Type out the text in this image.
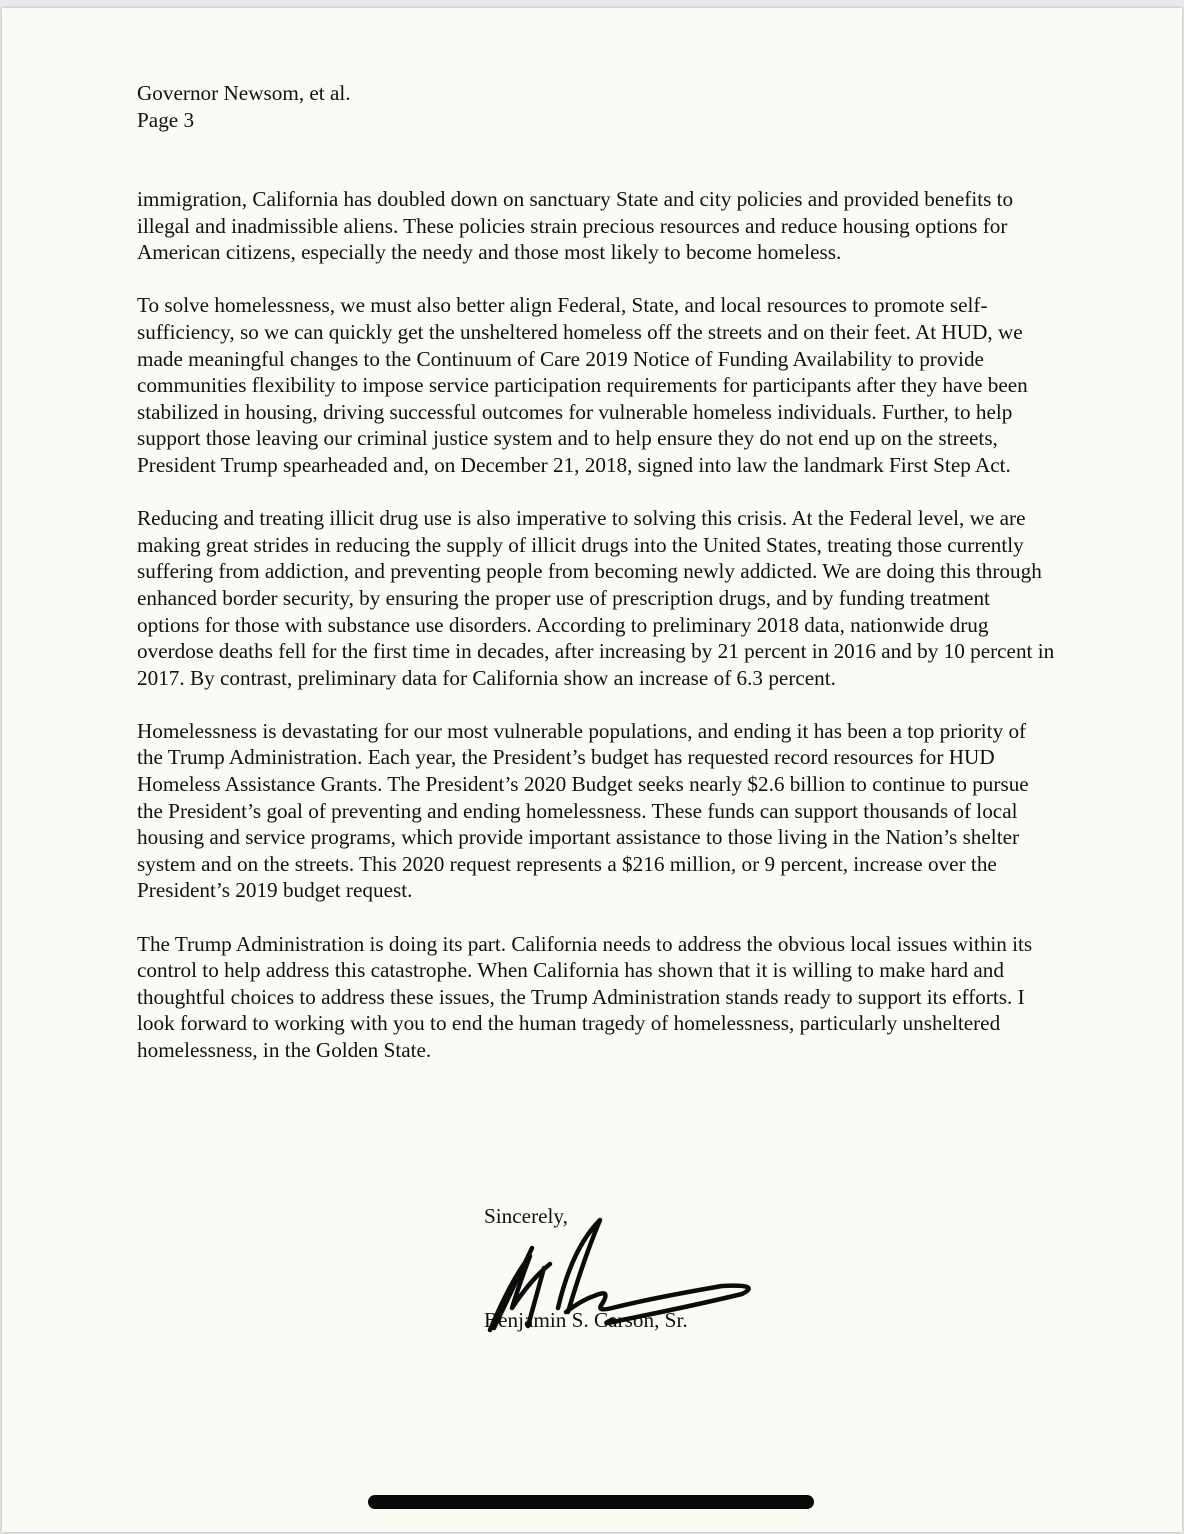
Governor Newsom, et al.
Page 3

immigration, California has doubled down on sanctuary State and city policies and provided benefits to illegal and inadmissible aliens. These policies strain precious resources and reduce housing options for American citizens, especially the needy and those most likely to become homeless.

To solve homelessness, we must also better align Federal, State, and local resources to promote self-sufficiency, so we can quickly get the unsheltered homeless off the streets and on their feet. At HUD, we made meaningful changes to the Continuum of Care 2019 Notice of Funding Availability to provide communities flexibility to impose service participation requirements for participants after they have been stabilized in housing, driving successful outcomes for vulnerable homeless individuals. Further, to help support those leaving our criminal justice system and to help ensure they do not end up on the streets, President Trump spearheaded and, on December 21, 2018, signed into law the landmark First Step Act.

Reducing and treating illicit drug use is also imperative to solving this crisis. At the Federal level, we are making great strides in reducing the supply of illicit drugs into the United States, treating those currently suffering from addiction, and preventing people from becoming newly addicted. We are doing this through enhanced border security, by ensuring the proper use of prescription drugs, and by funding treatment options for those with substance use disorders. According to preliminary 2018 data, nationwide drug overdose deaths fell for the first time in decades, after increasing by 21 percent in 2016 and by 10 percent in 2017. By contrast, preliminary data for California show an increase of 6.3 percent.

Homelessness is devastating for our most vulnerable populations, and ending it has been a top priority of the Trump Administration. Each year, the President’s budget has requested record resources for HUD Homeless Assistance Grants. The President’s 2020 Budget seeks nearly $2.6 billion to continue to pursue the President’s goal of preventing and ending homelessness. These funds can support thousands of local housing and service programs, which provide important assistance to those living in the Nation’s shelter system and on the streets. This 2020 request represents a $216 million, or 9 percent, increase over the President’s 2019 budget request.

The Trump Administration is doing its part. California needs to address the obvious local issues within its control to help address this catastrophe. When California has shown that it is willing to make hard and thoughtful choices to address these issues, the Trump Administration stands ready to support its efforts. I look forward to working with you to end the human tragedy of homelessness, particularly unsheltered homelessness, in the Golden State.

Sincerely,
Benjamin S. Carson, Sr.
